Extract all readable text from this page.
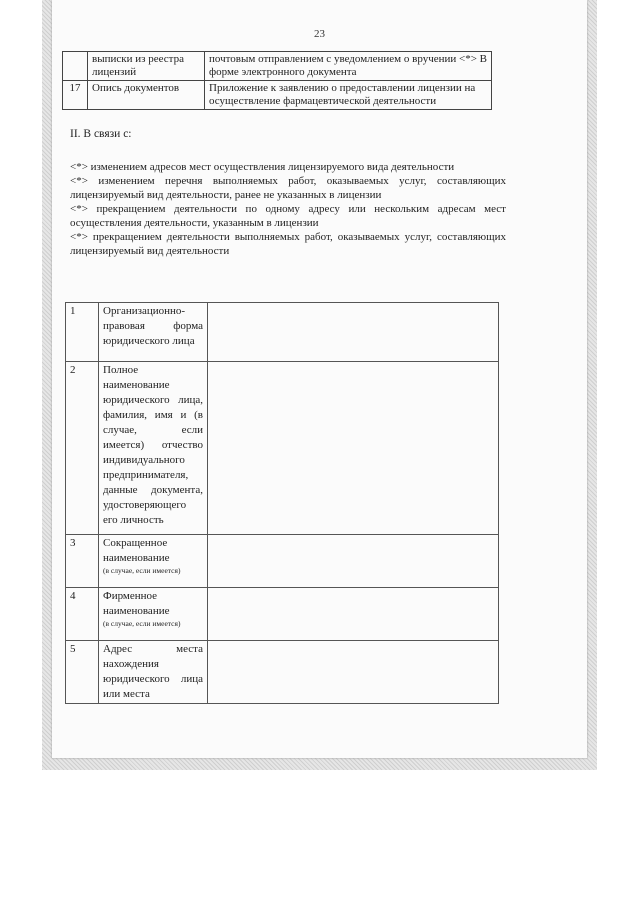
23
	выписки из реестра лицензий	почтовым отправлением с уведомлением о вручении <*> В форме электронного документа
17	Опись документов	Приложение к заявлению о предоставлении лицензии на осуществление фармацевтической деятельности
II. В связи с:

<*> изменением адресов мест осуществления лицензируемого вида деятельности

<*> изменением перечня выполняемых работ, оказываемых услуг, составляющих лицензируемый вид деятельности, ранее не указанных в лицензии

<*> прекращением деятельности по одному адресу или нескольким адресам мест осуществления деятельности, указанным в лицензии

<*> прекращением деятельности выполняемых работ, оказываемых услуг, составляющих лицензируемый вид деятельности

1	Организационно-правовая форма юридического лица	
2	Полное наименование юридического лица, фамилия, имя и (в случае, если имеется) отчество индивидуального предпринимателя, данные документа, удостоверяющего его личность	
3	Сокращенное наименование
(в случае, если имеется)	

4	Фирменное наименование
(в случае, если имеется)	

5	Адрес места нахождения юридического лица или места	
